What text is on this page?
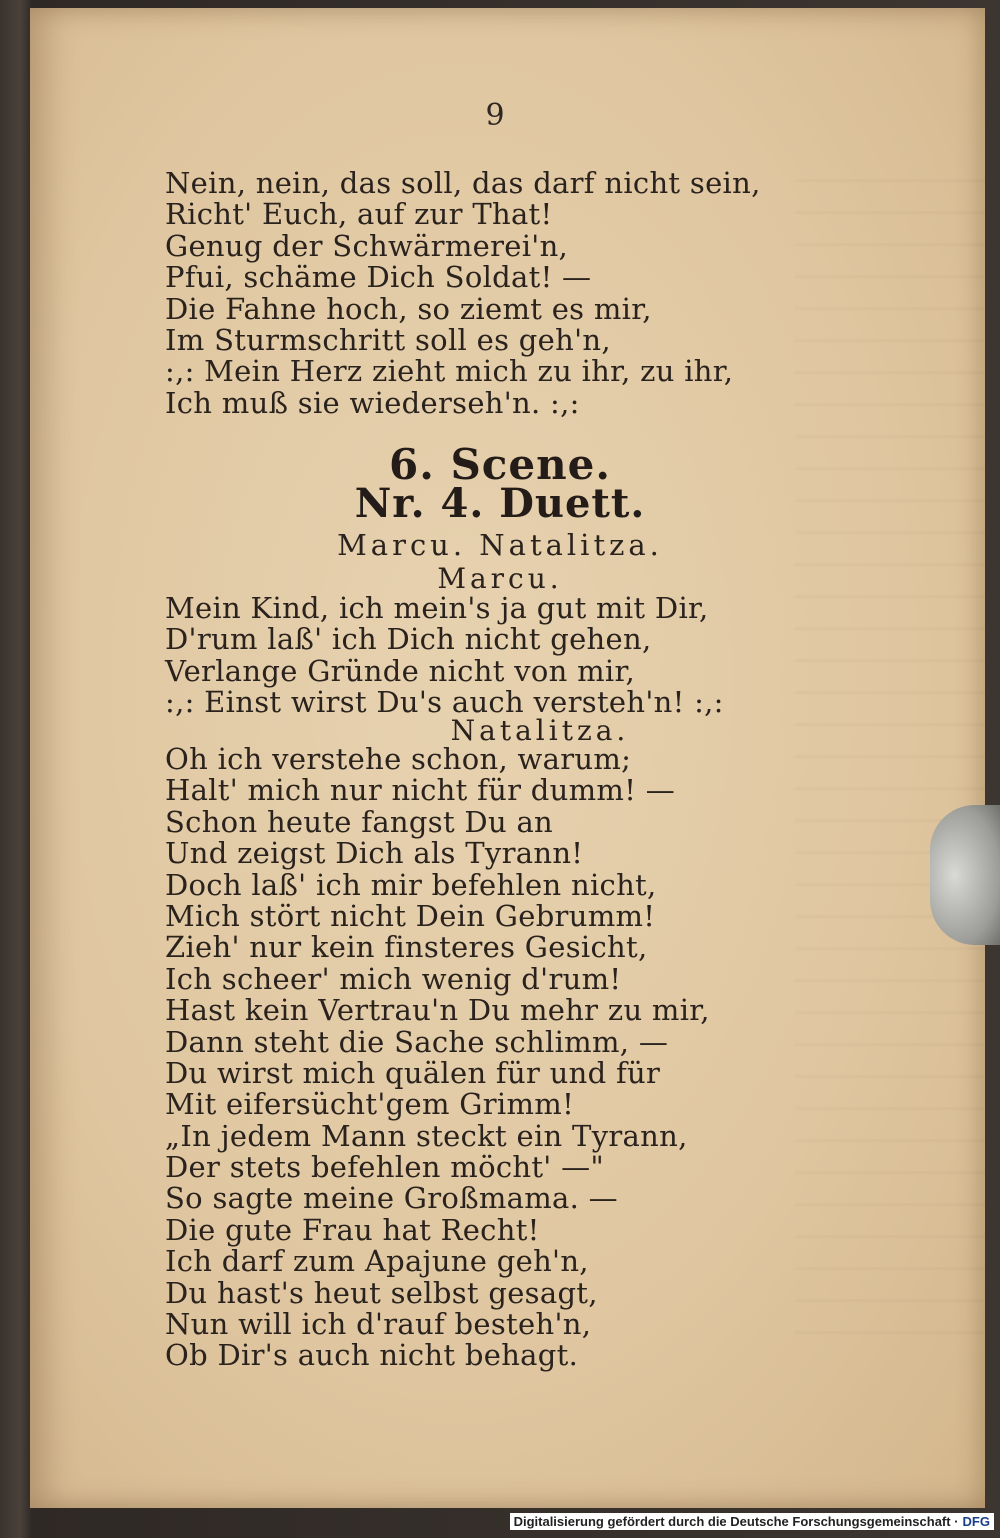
9
Nein, nein, das soll, das darf nicht sein,
Richt' Euch, auf zur That!
Genug der Schwärmerei'n,
Pfui, schäme Dich Soldat! —
Die Fahne hoch, so ziemt es mir,
Im Sturmschritt soll es geh'n,
:,: Mein Herz zieht mich zu ihr, zu ihr,
Ich muß sie wiederseh'n. :,:
6. Scene.
Nr. 4. Duett.
Marcu. Natalitza.
Marcu.
Mein Kind, ich mein's ja gut mit Dir,
D'rum laß' ich Dich nicht gehen,
Verlange Gründe nicht von mir,
:,: Einst wirst Du's auch versteh'n! :,:
Natalitza.
Oh ich verstehe schon, warum;
Halt' mich nur nicht für dumm! —
Schon heute fangst Du an
Und zeigst Dich als Tyrann!
Doch laß' ich mir befehlen nicht,
Mich stört nicht Dein Gebrumm!
Zieh' nur kein finsteres Gesicht,
Ich scheer' mich wenig d'rum!
Hast kein Vertrau'n Du mehr zu mir,
Dann steht die Sache schlimm, —
Du wirst mich quälen für und für
Mit eifersücht'gem Grimm!
„In jedem Mann steckt ein Tyrann,
Der stets befehlen möcht' —"
So sagte meine Großmama. —
Die gute Frau hat Recht!
Ich darf zum Apajune geh'n,
Du hast's heut selbst gesagt,
Nun will ich d'rauf besteh'n,
Ob Dir's auch nicht behagt.
Digitalisierung gefördert durch die Deutsche Forschungsgemeinschaft · DFG
